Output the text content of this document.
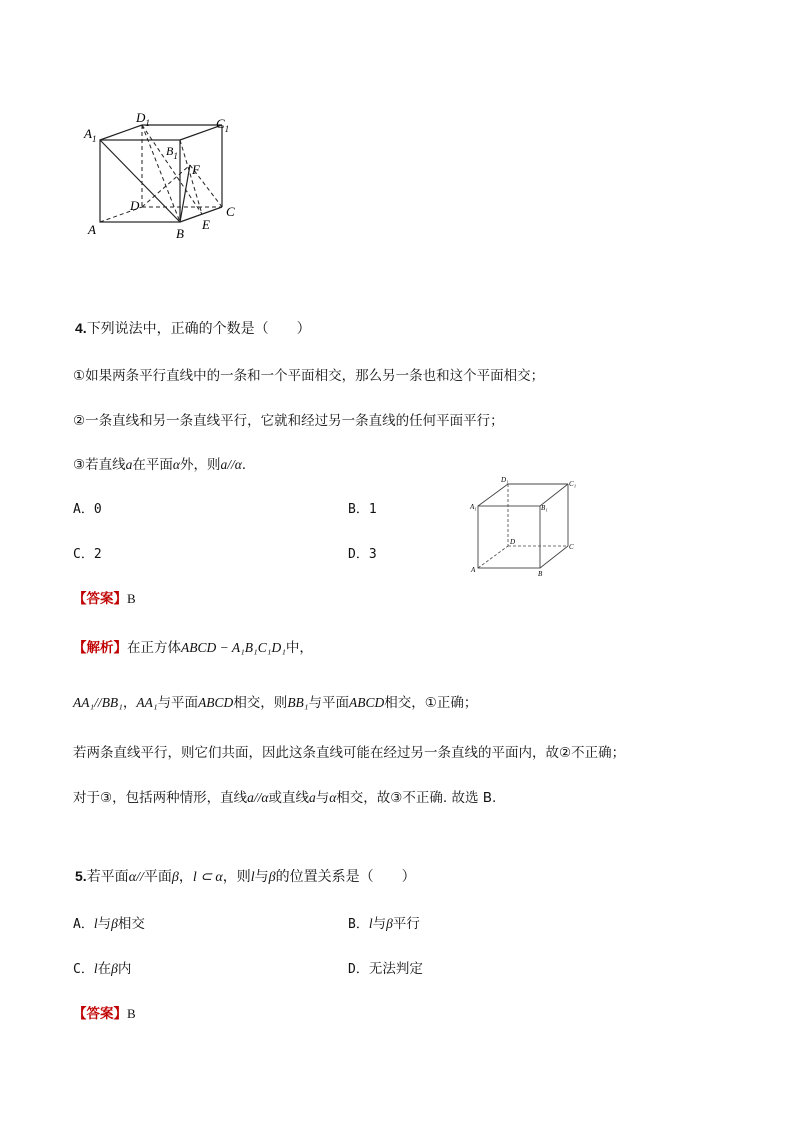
$A_1$
$D_1$	$C_1$
$B_1$
F
D	C
A	B
E
4.下列说法中，正确的个数是（　　）
①如果两条平行直线中的一条和一个平面相交，那么另一条也和这个平面相交；
②一条直线和另一条直线平行，它就和经过另一条直线的任何平面平行；
③若直线a在平面α外，则a//α.
A．0	B．1
C．2	D．3
A₁	B₁
C₁
D₁
A	B
C
D
【答案】B
【解析】在正方体ABCD − A₁B₁C₁D₁中，
AA₁//BB₁，AA₁与平面ABCD相交，则BB₁与平面ABCD相交，①正确；
若两条直线平行，则它们共面，因此这条直线可能在经过另一条直线的平面内，故②不正确；
对于③，包括两种情形，直线a//α或直线a与α相交，故③不正确. 故选 B.
5.若平面α//平面β，l ⊂ α，则l与β的位置关系是（　　）
A．l与β相交	B．l与β平行
C．l在β内	D．无法判定
【答案】B
